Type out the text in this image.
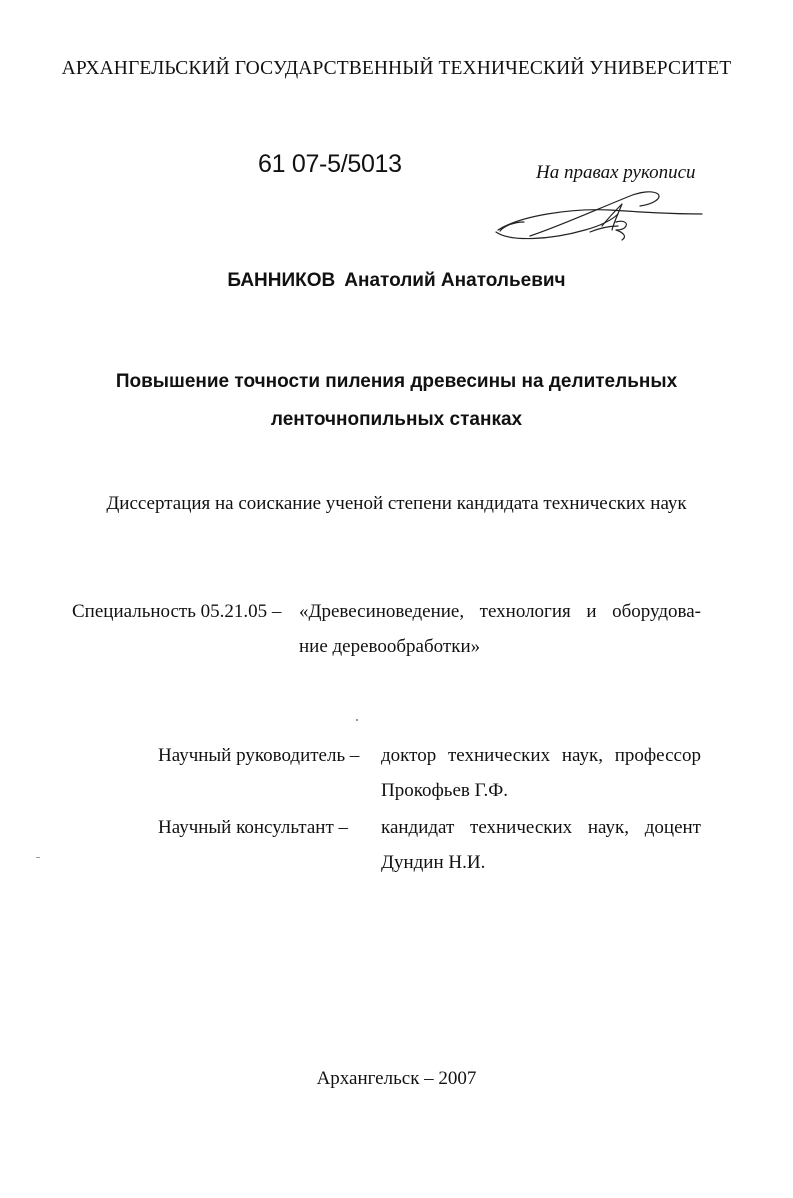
АРХАНГЕЛЬСКИЙ ГОСУДАРСТВЕННЫЙ ТЕХНИЧЕСКИЙ УНИВЕРСИТЕТ
61 07-5/5013	На правах рукописи
БАННИКОВ Анатолий Анатольевич
Повышение точности пиления древесины на делительных
ленточнопильных станках
Диссертация на соискание ученой степени кандидата технических наук
Специальность 05.21.05 – «Древесиноведение, технология и оборудова-
ние деревообработки»
Научный руководитель – доктор технических наук, профессор
Прокофьев Г.Ф.
Научный консультант – кандидат технических наук, доцент
Дундин Н.И.
Архангельск – 2007
